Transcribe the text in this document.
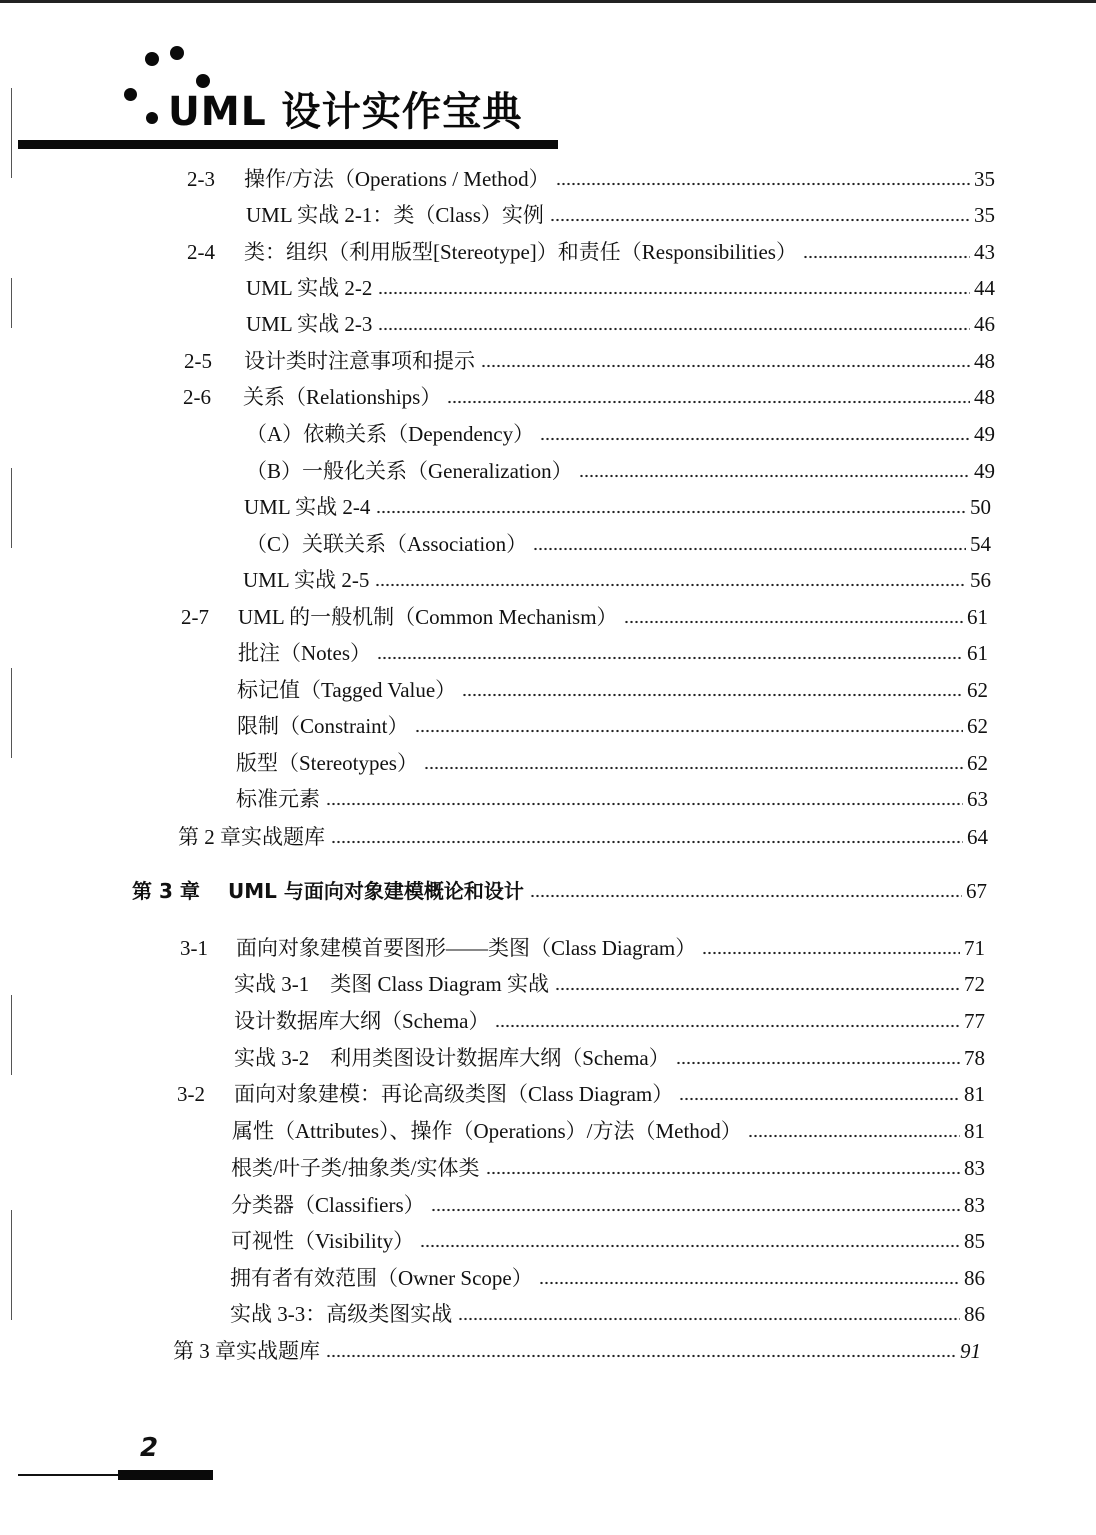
UML 设计实作宝典
2-3	操作/方法（Operations / Method）	35
UML 实战 2-1：类（Class）实例	35
2-4	类：组织（利用版型[Stereotype]）和责任（Responsibilities）	43
UML 实战 2-2	44
UML 实战 2-3	46
2-5	设计类时注意事项和提示	48
2-6	关系（Relationships）	48
（A）依赖关系（Dependency）	49
（B）一般化关系（Generalization）	49
UML 实战 2-4	50
（C）关联关系（Association）	54
UML 实战 2-5	56
2-7	UML 的一般机制（Common Mechanism）	61
批注（Notes）	61
标记值（Tagged Value）	62
限制（Constraint）	62
版型（Stereotypes）	62
标准元素	63
第 2 章实战题库	64
第 3 章	UML 与面向对象建模概论和设计	67
3-1	面向对象建模首要图形——类图（Class Diagram）	71
实战 3-1　类图 Class Diagram 实战	72
设计数据库大纲（Schema）	77
实战 3-2　利用类图设计数据库大纲（Schema）	78
3-2	面向对象建模：再论高级类图（Class Diagram）	81
属性（Attributes）、操作（Operations）/方法（Method）	81
根类/叶子类/抽象类/实体类	83
分类器（Classifiers）	83
可视性（Visibility）	85
拥有者有效范围（Owner Scope）	86
实战 3-3：高级类图实战	86
第 3 章实战题库	91
2
